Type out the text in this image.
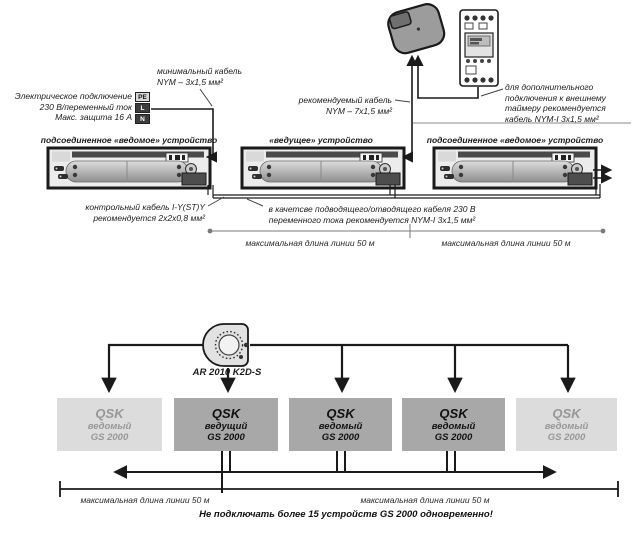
Электрическое подключение
230 В/переменный ток
Макс. защита 16 А
PE
L
N
минимальный кабель
NYM – 3x1,5 мм²
рекомендуемый кабель
NYM – 7x1,5 мм²
для дополнительного
подключения к внешнему
таймеру рекомендуется
кабель NYM-I 3x1,5 мм²
подсоединенное «ведомое» устройство	«ведущее» устройство	подсоединенное «ведомое» устройство
контрольный кабель I-Y(ST)Y
рекомендуется 2x2x0,8 мм²
в качетсве подводящего/отводящего кабеля 230 В
переменного тока рекомендуется NYM-I 3x1,5 мм²
максимальная длина линии 50 м	максимальная длина линии 50 м
AR 2010 K2D-S
QSK
ведомый
GS 2000
QSK
ведущий
GS 2000
QSK
ведомый
GS 2000
QSK
ведомый
GS 2000
QSK
ведомый
GS 2000
максимальная длина линии 50 м	максимальная длина линии 50 м
Не подключать более 15 устройств GS 2000 одновременно!
